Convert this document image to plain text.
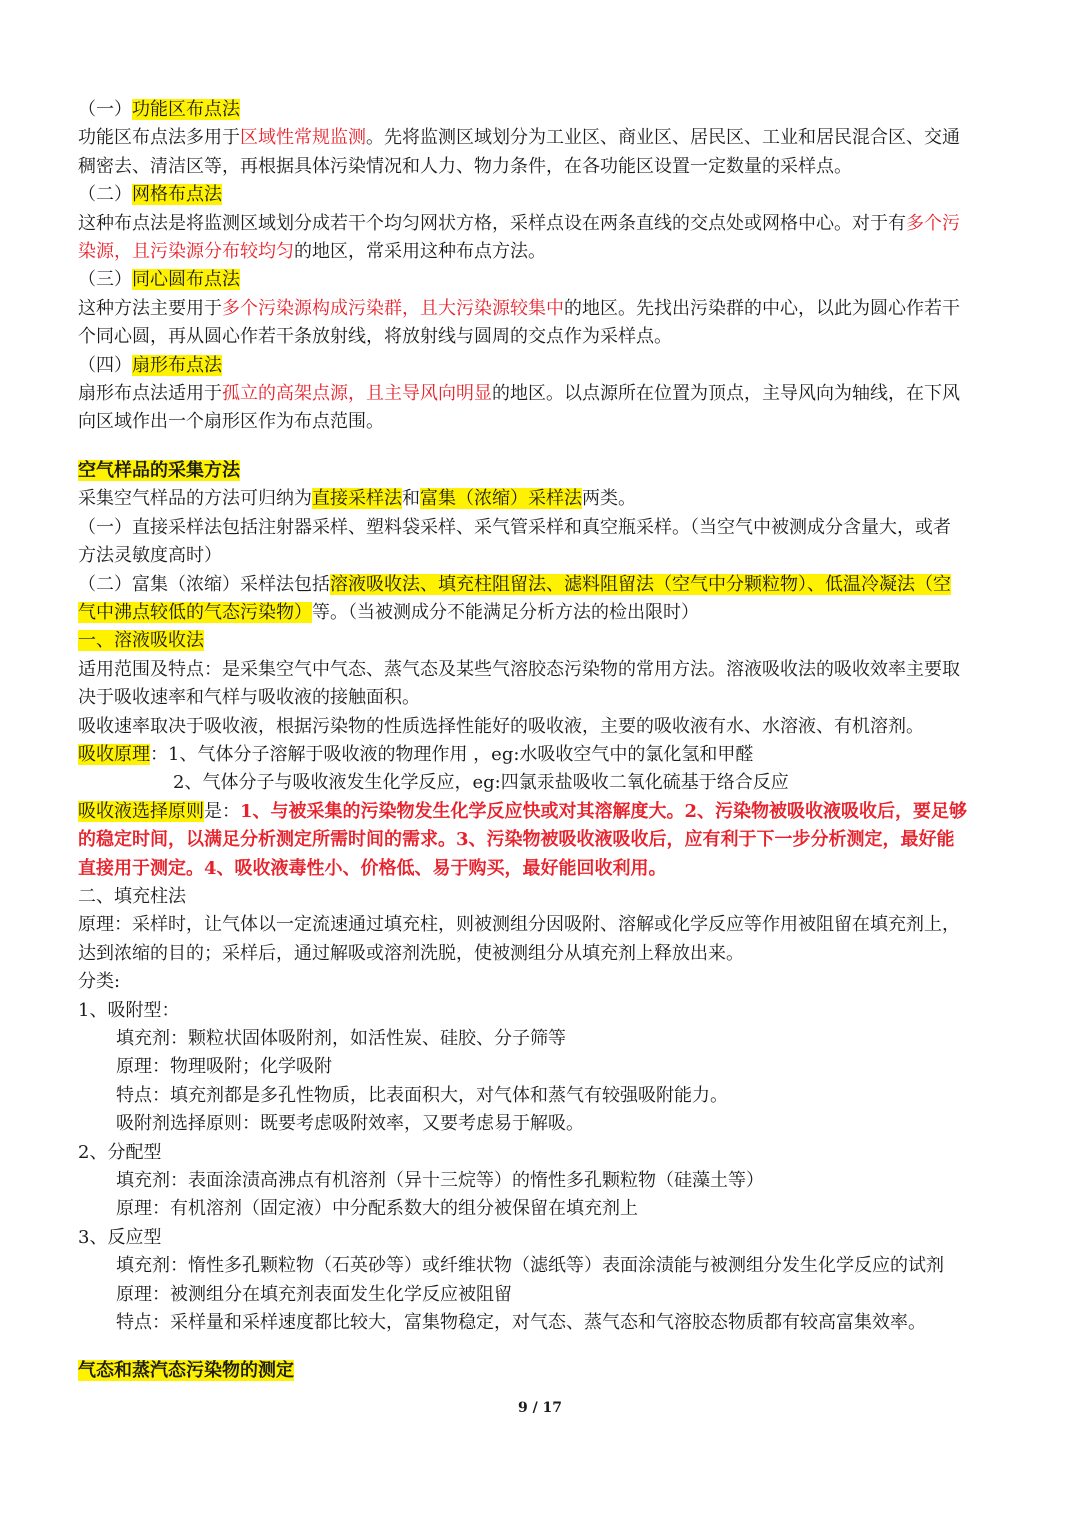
（一）功能区布点法
功能区布点法多用于区域性常规监测。先将监测区域划分为工业区、商业区、居民区、工业和居民混合区、交通
稠密去、清洁区等，再根据具体污染情况和人力、物力条件，在各功能区设置一定数量的采样点。
（二）网格布点法
这种布点法是将监测区域划分成若干个均匀网状方格，采样点设在两条直线的交点处或网格中心。对于有多个污
染源，且污染源分布较均匀的地区，常采用这种布点方法。
（三）同心圆布点法
这种方法主要用于多个污染源构成污染群，且大污染源较集中的地区。先找出污染群的中心，以此为圆心作若干
个同心圆，再从圆心作若干条放射线，将放射线与圆周的交点作为采样点。
（四）扇形布点法
扇形布点法适用于孤立的高架点源，且主导风向明显的地区。以点源所在位置为顶点，主导风向为轴线，在下风
向区域作出一个扇形区作为布点范围。
空气样品的采集方法
采集空气样品的方法可归纳为直接采样法和富集（浓缩）采样法两类。
（一）直接采样法包括注射器采样、塑料袋采样、采气管采样和真空瓶采样。（当空气中被测成分含量大，或者
方法灵敏度高时）
（二）富集（浓缩）采样法包括溶液吸收法、填充柱阻留法、滤料阻留法（空气中分颗粒物）、低温冷凝法（空
气中沸点较低的气态污染物）等。（当被测成分不能满足分析方法的检出限时）
一、溶液吸收法
适用范围及特点：是采集空气中气态、蒸气态及某些气溶胶态污染物的常用方法。溶液吸收法的吸收效率主要取
决于吸收速率和气样与吸收液的接触面积。
吸收速率取决于吸收液，根据污染物的性质选择性能好的吸收液，主要的吸收液有水、水溶液、有机溶剂。
吸收原理：1、气体分子溶解于吸收液的物理作用 ，eg:水吸收空气中的氯化氢和甲醛
2、气体分子与吸收液发生化学反应，eg:四氯汞盐吸收二氧化硫基于络合反应
吸收液选择原则是：1、与被采集的污染物发生化学反应快或对其溶解度大。2、污染物被吸收液吸收后，要足够
的稳定时间，以满足分析测定所需时间的需求。3、污染物被吸收液吸收后，应有利于下一步分析测定，最好能
直接用于测定。4、吸收液毒性小、价格低、易于购买，最好能回收利用。
二、填充柱法
原理：采样时，让气体以一定流速通过填充柱，则被测组分因吸附、溶解或化学反应等作用被阻留在填充剂上，
达到浓缩的目的；采样后，通过解吸或溶剂洗脱，使被测组分从填充剂上释放出来。
分类:
1、吸附型：
填充剂：颗粒状固体吸附剂，如活性炭、硅胶、分子筛等
原理：物理吸附；化学吸附
特点：填充剂都是多孔性物质，比表面积大，对气体和蒸气有较强吸附能力。
吸附剂选择原则：既要考虑吸附效率，又要考虑易于解吸。
2、分配型
填充剂：表面涂渍高沸点有机溶剂（异十三烷等）的惰性多孔颗粒物（硅藻土等）
原理：有机溶剂（固定液）中分配系数大的组分被保留在填充剂上
3、反应型
填充剂：惰性多孔颗粒物（石英砂等）或纤维状物（滤纸等）表面涂渍能与被测组分发生化学反应的试剂
原理：被测组分在填充剂表面发生化学反应被阻留
特点：采样量和采样速度都比较大，富集物稳定，对气态、蒸气态和气溶胶态物质都有较高富集效率。
气态和蒸汽态污染物的测定
9 / 17
